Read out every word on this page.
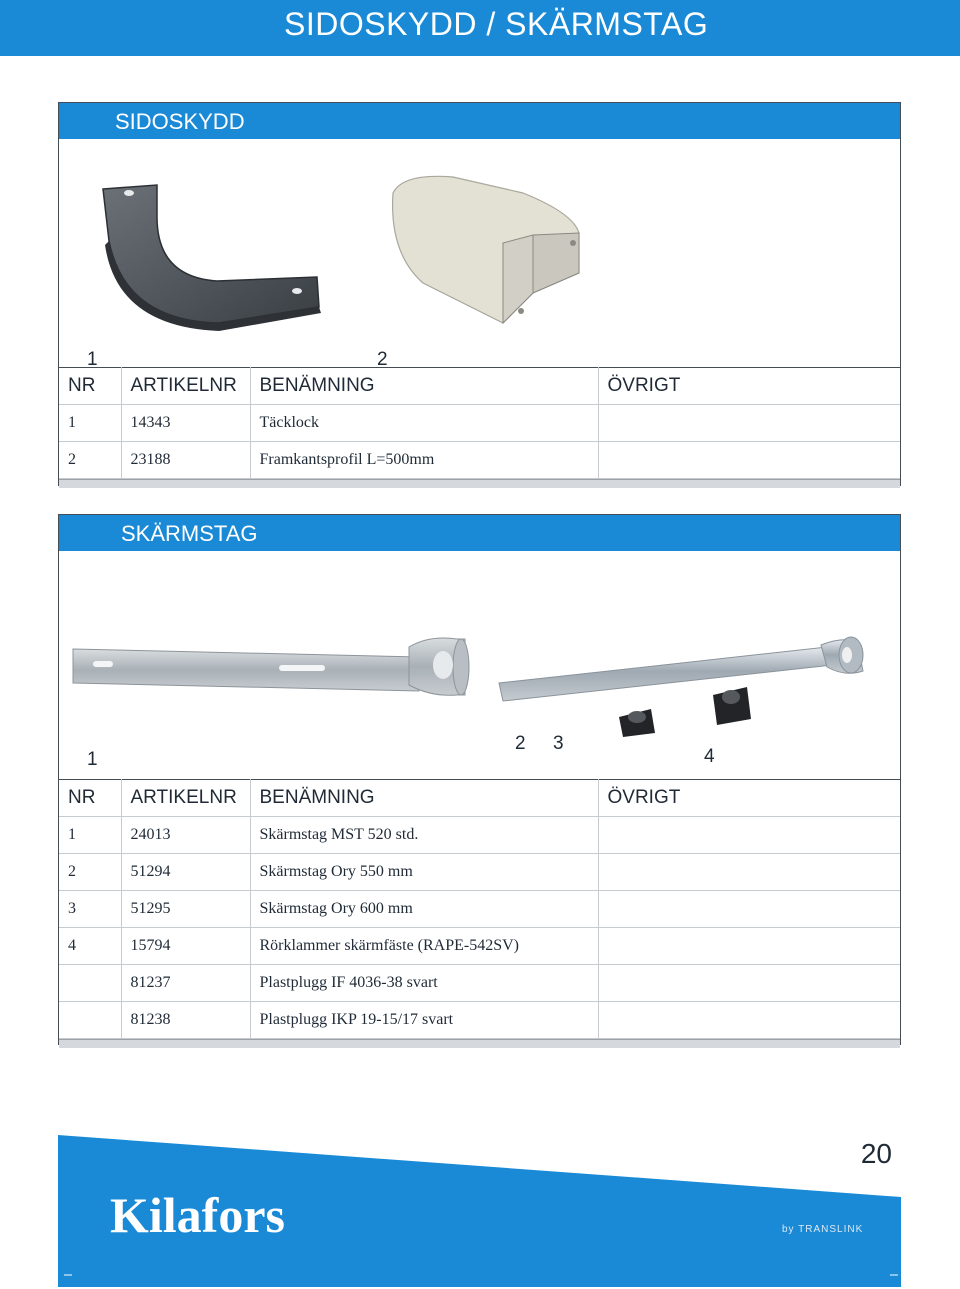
SIDOSKYDD / SKÄRMSTAG
SIDOSKYDD
1	2
NR	ARTIKELNR	BENÄMNING	ÖVRIGT
1	14343	Täcklock	
2	23188	Framkantsprofil L=500mm	
SKÄRMSTAG
1
2 3
4
NR	ARTIKELNR	BENÄMNING	ÖVRIGT
1	24013	Skärmstag MST 520 std.	
2	51294	Skärmstag Ory 550 mm	
3	51295	Skärmstag Ory 600 mm	
4	15794	Rörklammer skärmfäste (RAPE-542SV)	
	81237	Plastplugg IF 4036-38 svart	
	81238	Plastplugg IKP 19-15/17 svart	
20
Kilafors	by TRANSLINK
